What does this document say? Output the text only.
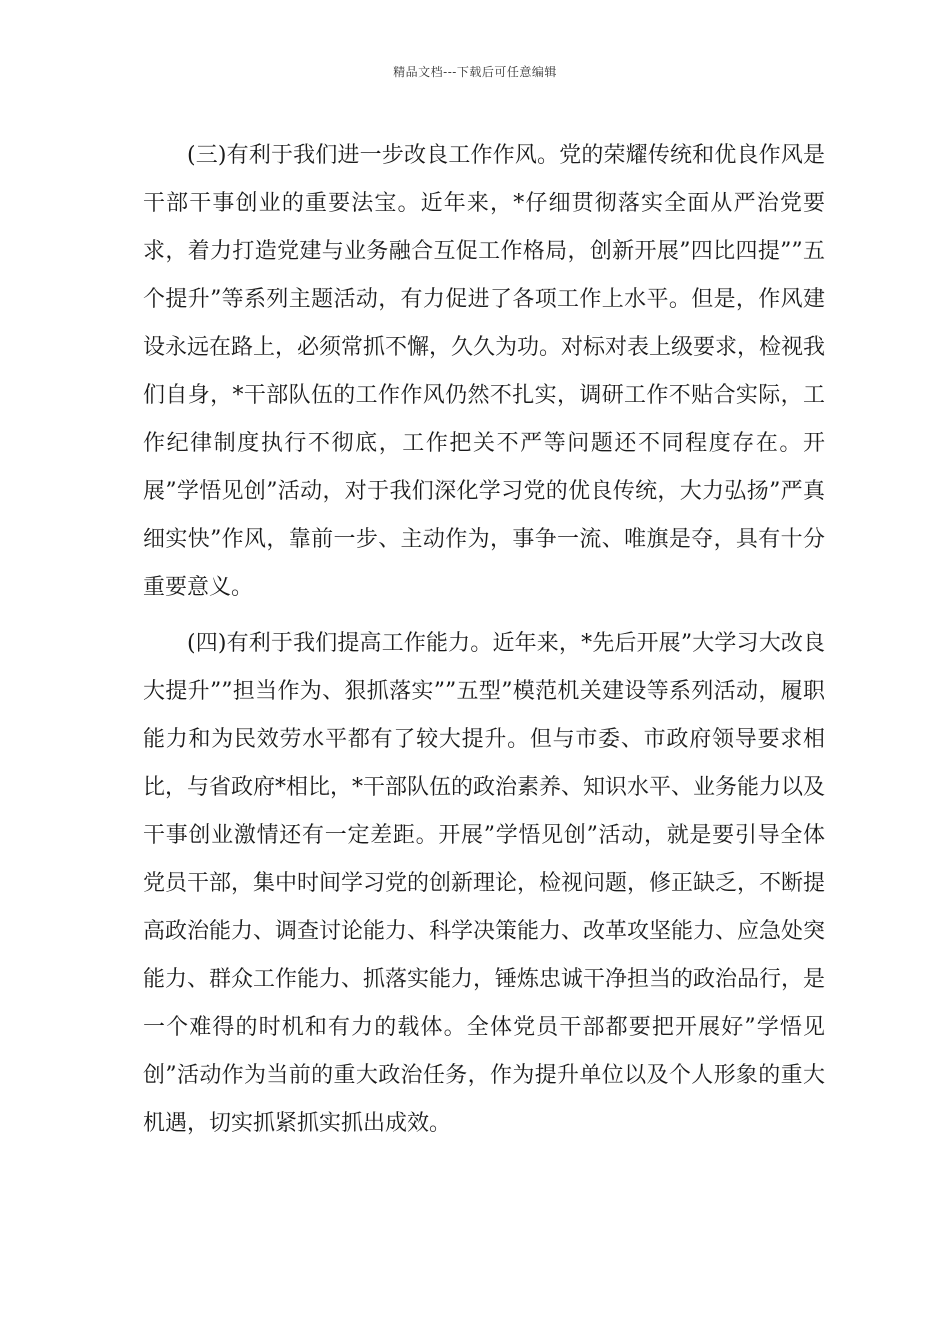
精品文档---下载后可任意编辑

(三)有利于我们进一步改良工作作风。党的荣耀传统和优良作风是干部干事创业的重要法宝。近年来，*仔细贯彻落实全面从严治党要求，着力打造党建与业务融合互促工作格局，创新开展”四比四提””五个提升”等系列主题活动，有力促进了各项工作上水平。但是，作风建设永远在路上，必须常抓不懈，久久为功。对标对表上级要求，检视我们自身，*干部队伍的工作作风仍然不扎实，调研工作不贴合实际，工作纪律制度执行不彻底，工作把关不严等问题还不同程度存在。开展”学悟见创”活动，对于我们深化学习党的优良传统，大力弘扬”严真细实快”作风，靠前一步、主动作为，事争一流、唯旗是夺，具有十分重要意义。

(四)有利于我们提高工作能力。近年来，*先后开展”大学习大改良大提升””担当作为、狠抓落实””五型”模范机关建设等系列活动，履职能力和为民效劳水平都有了较大提升。但与市委、市政府领导要求相比，与省政府*相比，*干部队伍的政治素养、知识水平、业务能力以及干事创业激情还有一定差距。开展”学悟见创”活动，就是要引导全体党员干部，集中时间学习党的创新理论，检视问题，修正缺乏，不断提高政治能力、调查讨论能力、科学决策能力、改革攻坚能力、应急处突能力、群众工作能力、抓落实能力，锤炼忠诚干净担当的政治品行，是一个难得的时机和有力的载体。全体党员干部都要把开展好”学悟见创”活动作为当前的重大政治任务，作为提升单位以及个人形象的重大机遇，切实抓紧抓实抓出成效。
